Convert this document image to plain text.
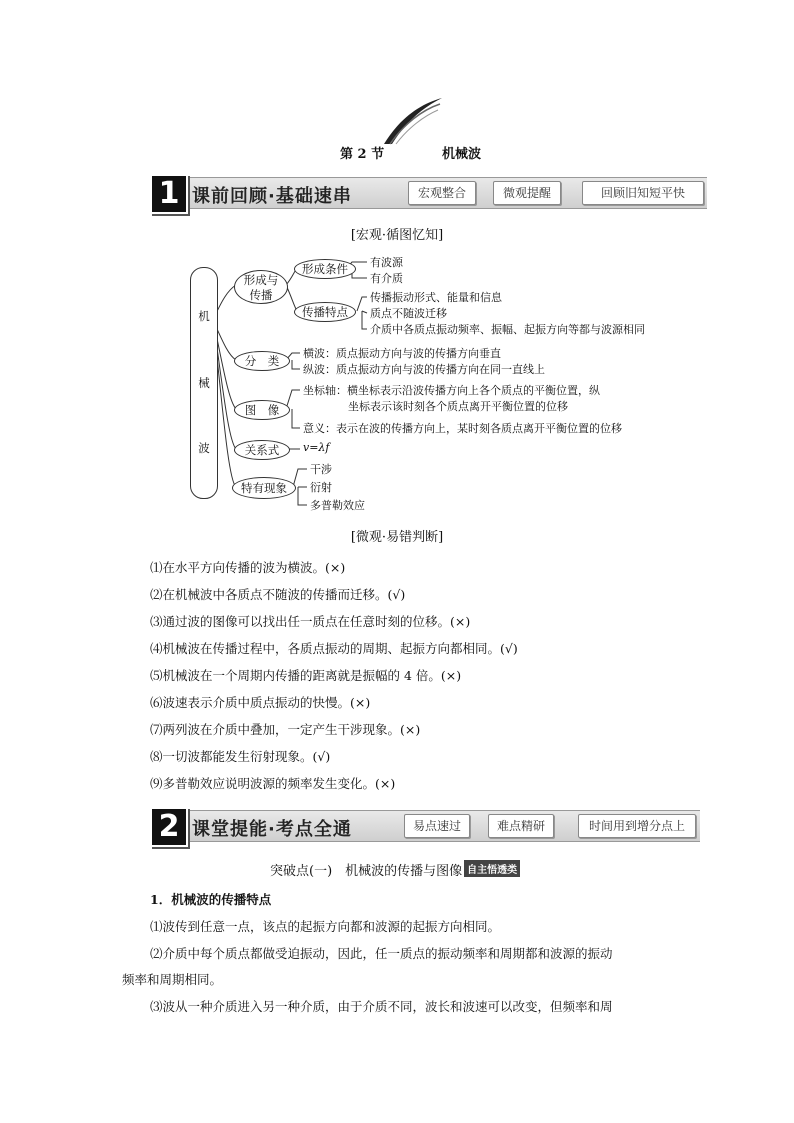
第 2 节	机械波
1 课前回顾·基础速串	宏观整合	微观提醒	回顾旧知短平快
[宏观·循图忆知]
机
械
波
形成与
传播
形成条件	有波源
有介质
传播特点
传播振动形式、能量和信息
质点不随波迁移
介质中各质点振动频率、振幅、起振方向等都与波源相同
分　类
横波：质点振动方向与波的传播方向垂直
纵波：质点振动方向与波的传播方向在同一直线上
图　像
坐标轴：横坐标表示沿波传播方向上各个质点的平衡位置，纵
坐标表示该时刻各个质点离开平衡位置的位移
意义：表示在波的传播方向上，某时刻各质点离开平衡位置的位移
关系式	v=λf
特有现象
干涉
衍射
多普勒效应
[微观·易错判断]
⑴在水平方向传播的波为横波。(×)
⑵在机械波中各质点不随波的传播而迁移。(√)
⑶通过波的图像可以找出任一质点在任意时刻的位移。(×)
⑷机械波在传播过程中，各质点振动的周期、起振方向都相同。(√)
⑸机械波在一个周期内传播的距离就是振幅的 4 倍。(×)
⑹波速表示介质中质点振动的快慢。(×)
⑺两列波在介质中叠加，一定产生干涉现象。(×)
⑻一切波都能发生衍射现象。(√)
⑼多普勒效应说明波源的频率发生变化。(×)
2 课堂提能·考点全通	易点速过	难点精研	时间用到增分点上
突破点(一)　机械波的传播与图像 自主悟透类
1．机械波的传播特点
⑴波传到任意一点，该点的起振方向都和波源的起振方向相同。
⑵介质中每个质点都做受迫振动，因此，任一质点的振动频率和周期都和波源的振动
频率和周期相同。
⑶波从一种介质进入另一种介质，由于介质不同，波长和波速可以改变，但频率和周
